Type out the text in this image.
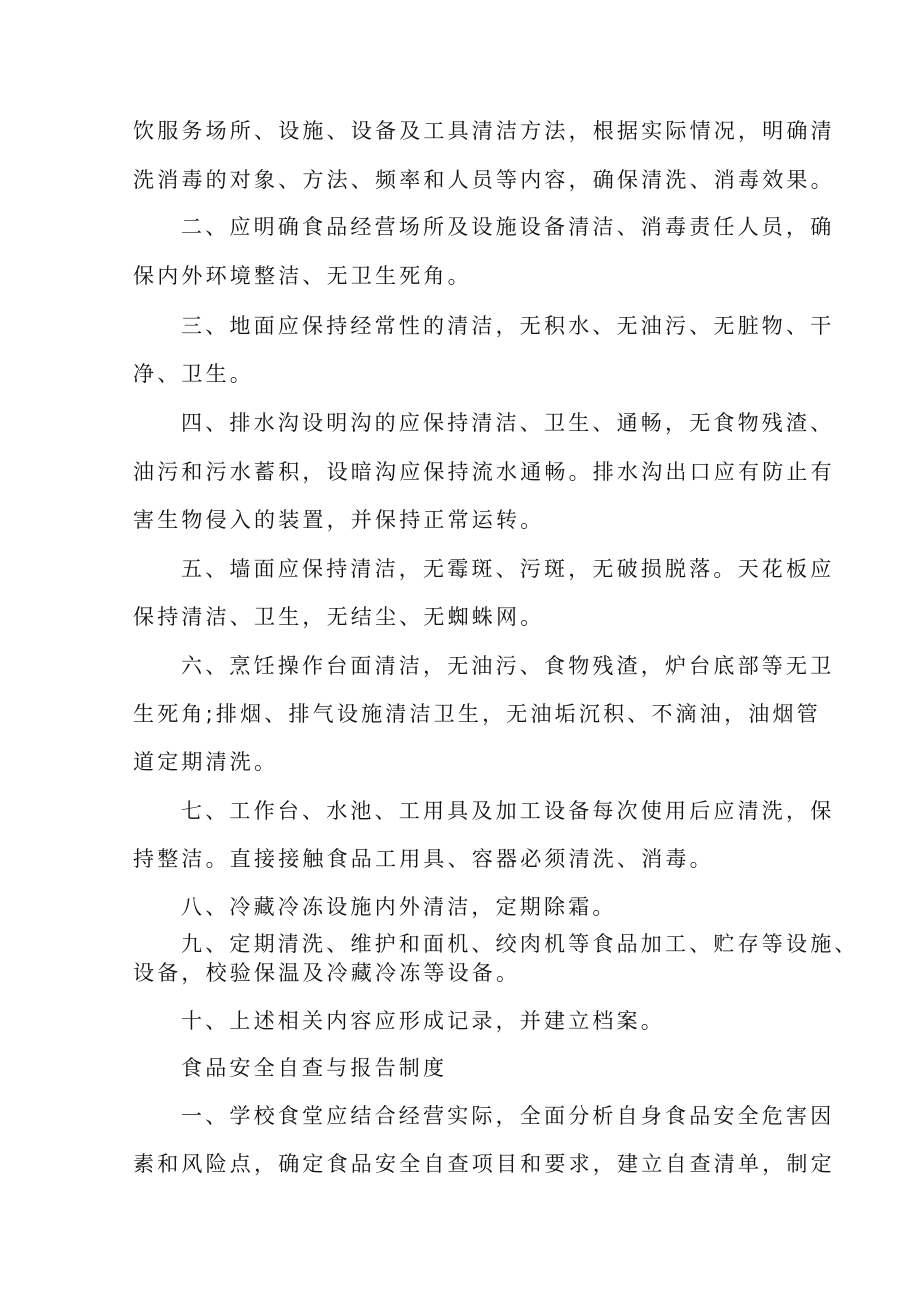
饮服务场所、设施、设备及工具清洁方法，根据实际情况，明确清
洗消毒的对象、方法、频率和人员等内容，确保清洗、消毒效果。
二、应明确食品经营场所及设施设备清洁、消毒责任人员，确
保内外环境整洁、无卫生死角。
三、地面应保持经常性的清洁，无积水、无油污、无脏物、干
净、卫生。
四、排水沟设明沟的应保持清洁、卫生、通畅，无食物残渣、
油污和污水蓄积，设暗沟应保持流水通畅。排水沟出口应有防止有
害生物侵入的装置，并保持正常运转。
五、墙面应保持清洁，无霉斑、污斑，无破损脱落。天花板应
保持清洁、卫生，无结尘、无蜘蛛网。
六、烹饪操作台面清洁，无油污、食物残渣，炉台底部等无卫
生死角;排烟、排气设施清洁卫生，无油垢沉积、不滴油，油烟管
道定期清洗。
七、工作台、水池、工用具及加工设备每次使用后应清洗，保
持整洁。直接接触食品工用具、容器必须清洗、消毒。
八、冷藏冷冻设施内外清洁，定期除霜。
九、定期清洗、维护和面机、绞肉机等食品加工、贮存等设施、
设备，校验保温及冷藏冷冻等设备。
十、上述相关内容应形成记录，并建立档案。
食品安全自查与报告制度
一、学校食堂应结合经营实际，全面分析自身食品安全危害因
素和风险点，确定食品安全自查项目和要求，建立自查清单，制定
